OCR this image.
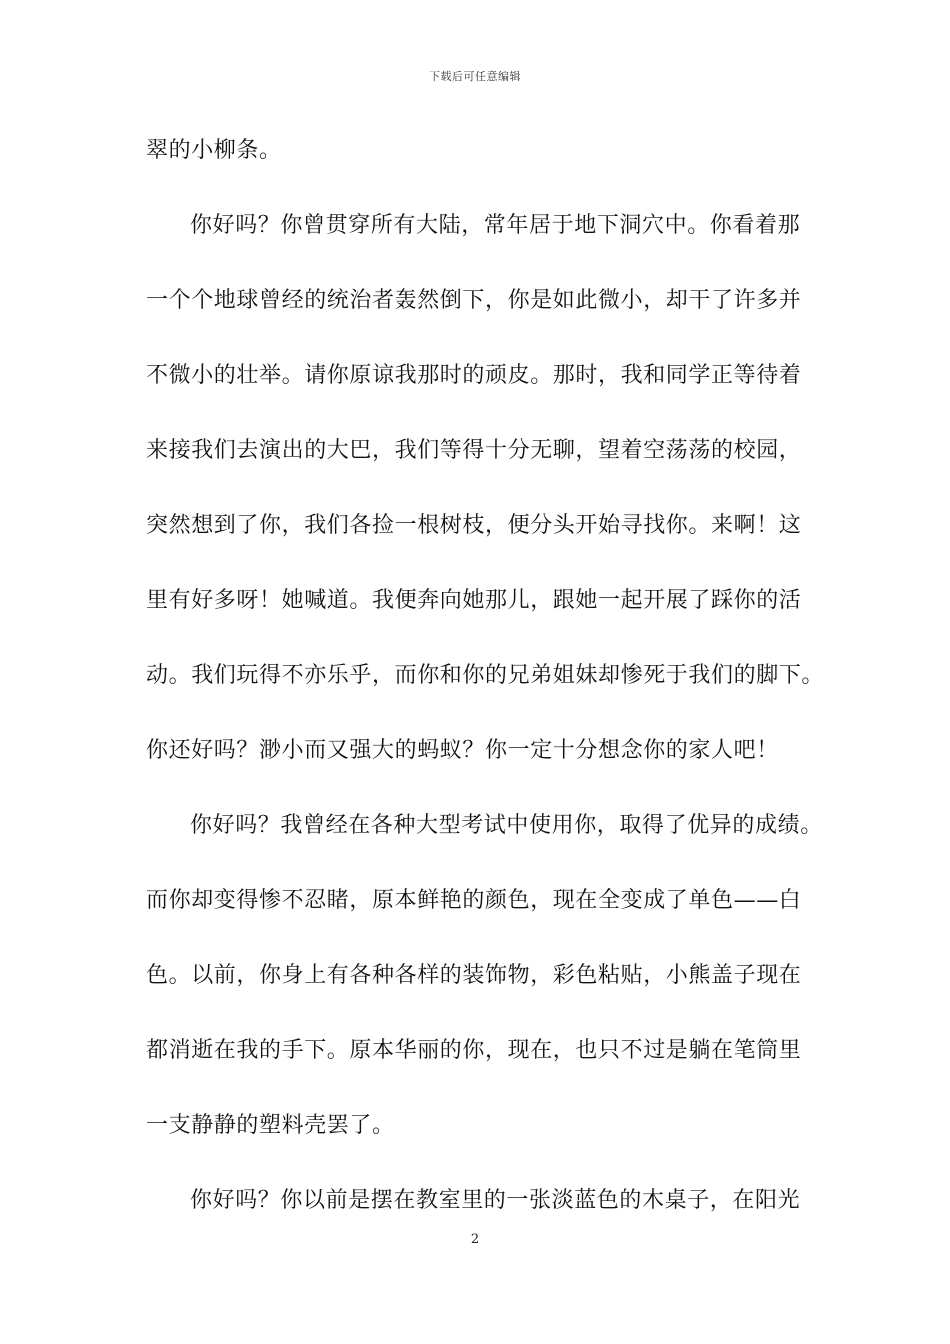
下载后可任意编辑
翠的小柳条。
你好吗？你曾贯穿所有大陆，常年居于地下洞穴中。你看着那
一个个地球曾经的统治者轰然倒下，你是如此微小，却干了许多并
不微小的壮举。请你原谅我那时的顽皮。那时，我和同学正等待着
来接我们去演出的大巴，我们等得十分无聊，望着空荡荡的校园，
突然想到了你，我们各捡一根树枝，便分头开始寻找你。来啊！这
里有好多呀！她喊道。我便奔向她那儿，跟她一起开展了踩你的活
动。我们玩得不亦乐乎，而你和你的兄弟姐妹却惨死于我们的脚下。
你还好吗？渺小而又强大的蚂蚁？你一定十分想念你的家人吧！
你好吗？我曾经在各种大型考试中使用你，取得了优异的成绩。
而你却变得惨不忍睹，原本鲜艳的颜色，现在全变成了单色——白
色。以前，你身上有各种各样的装饰物，彩色粘贴，小熊盖子现在
都消逝在我的手下。原本华丽的你，现在，也只不过是躺在笔筒里
一支静静的塑料壳罢了。
你好吗？你以前是摆在教室里的一张淡蓝色的木桌子，在阳光
2
